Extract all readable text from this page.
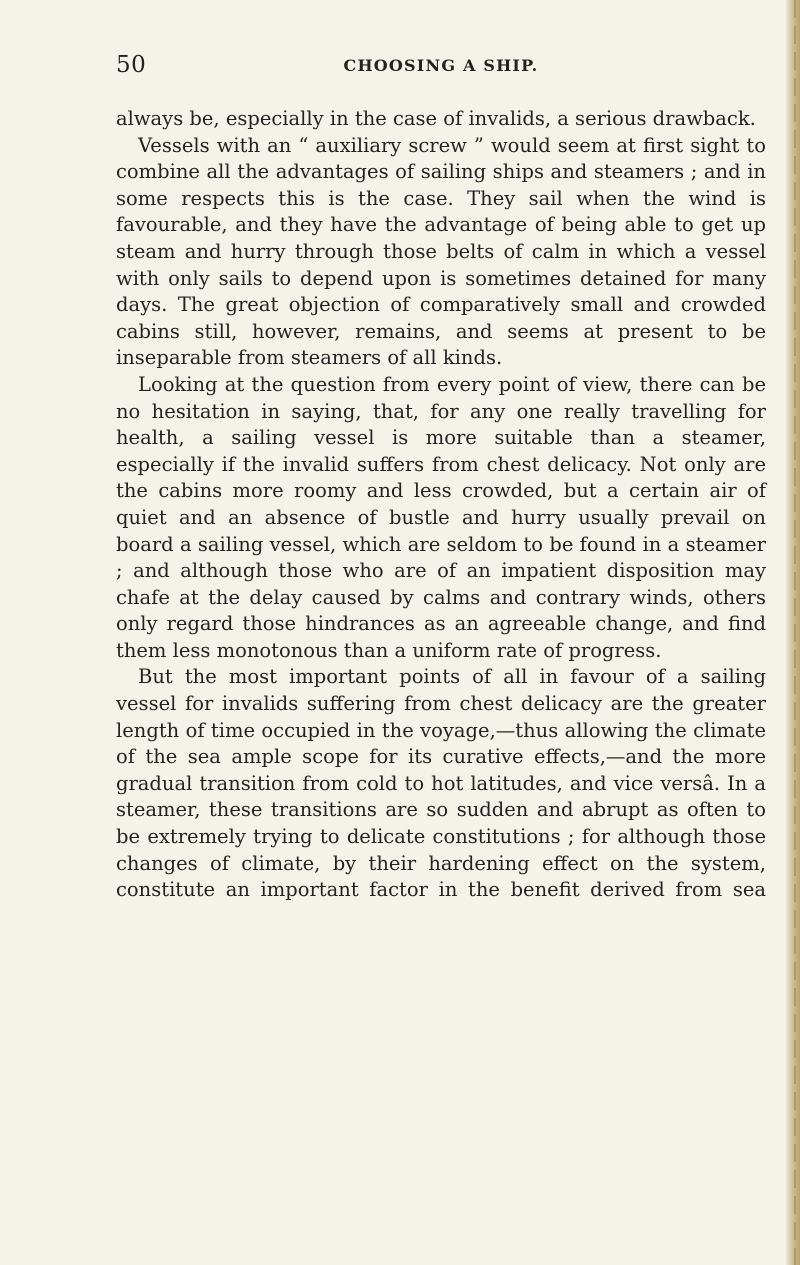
50	CHOOSING A SHIP.

always be, especially in the case of invalids, a serious drawback.

Vessels with an “ auxiliary screw ” would seem at first sight to combine all the advantages of sailing ships and steamers ; and in some respects this is the case. They sail when the wind is favourable, and they have the advantage of being able to get up steam and hurry through those belts of calm in which a vessel with only sails to depend upon is sometimes detained for many days. The great objection of comparatively small and crowded cabins still, however, remains, and seems at present to be inseparable from steamers of all kinds.

Looking at the question from every point of view, there can be no hesitation in saying, that, for any one really travelling for health, a sailing vessel is more suitable than a steamer, especially if the invalid suffers from chest delicacy. Not only are the cabins more roomy and less crowded, but a certain air of quiet and an absence of bustle and hurry usually prevail on board a sailing vessel, which are seldom to be found in a steamer ; and although those who are of an impatient disposition may chafe at the delay caused by calms and contrary winds, others only regard those hindrances as an agreeable change, and find them less monotonous than a uniform rate of progress.

But the most important points of all in favour of a sailing vessel for invalids suffering from chest delicacy are the greater length of time occupied in the voyage,—thus allowing the climate of the sea ample scope for its curative effects,—and the more gradual transition from cold to hot latitudes, and vice versâ. In a steamer, these transitions are so sudden and abrupt as often to be extremely trying to delicate constitutions ; for although those changes of climate, by their hardening effect on the system, constitute an important factor in the benefit derived from sea
